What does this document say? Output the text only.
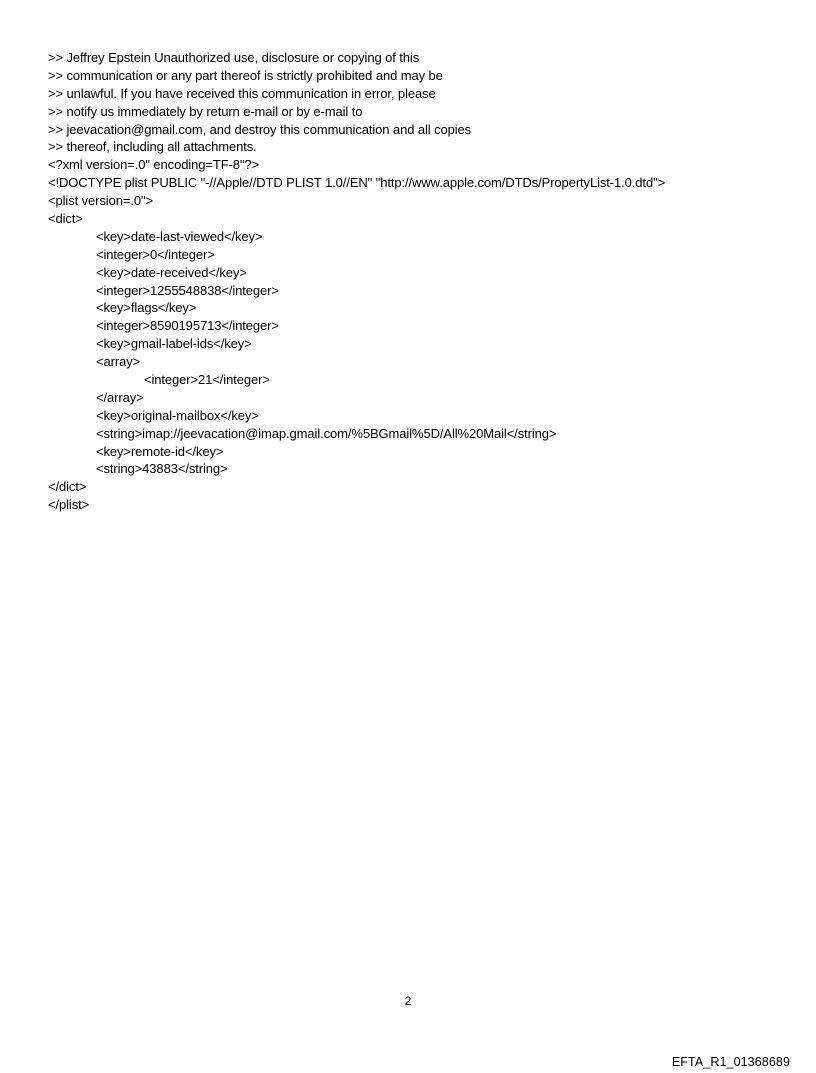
>> Jeffrey Epstein Unauthorized use, disclosure or copying of this
>> communication or any part thereof is strictly prohibited and may be
>> unlawful. If you have received this communication in error, please
>> notify us immediately by return e-mail or by e-mail to
>> jeevacation@gmail.com, and destroy this communication and all copies
>> thereof, including all attachments.
<?xml version=.0" encoding=TF-8"?>
<!DOCTYPE plist PUBLIC "-//Apple//DTD PLIST 1.0//EN" "http://www.apple.com/DTDs/PropertyList-1.0.dtd">
<plist version=.0">
<dict>
<key>date-last-viewed</key>
<integer>0</integer>
<key>date-received</key>
<integer>1255548838</integer>
<key>flags</key>
<integer>8590195713</integer>
<key>gmail-label-ids</key>
<array>
<integer>21</integer>
</array>
<key>original-mailbox</key>
<string>imap://jeevacation@imap.gmail.com/%5BGmail%5D/All%20Mail</string>
<key>remote-id</key>
<string>43883</string>
</dict>
</plist>
2
EFTA_R1_01368689
